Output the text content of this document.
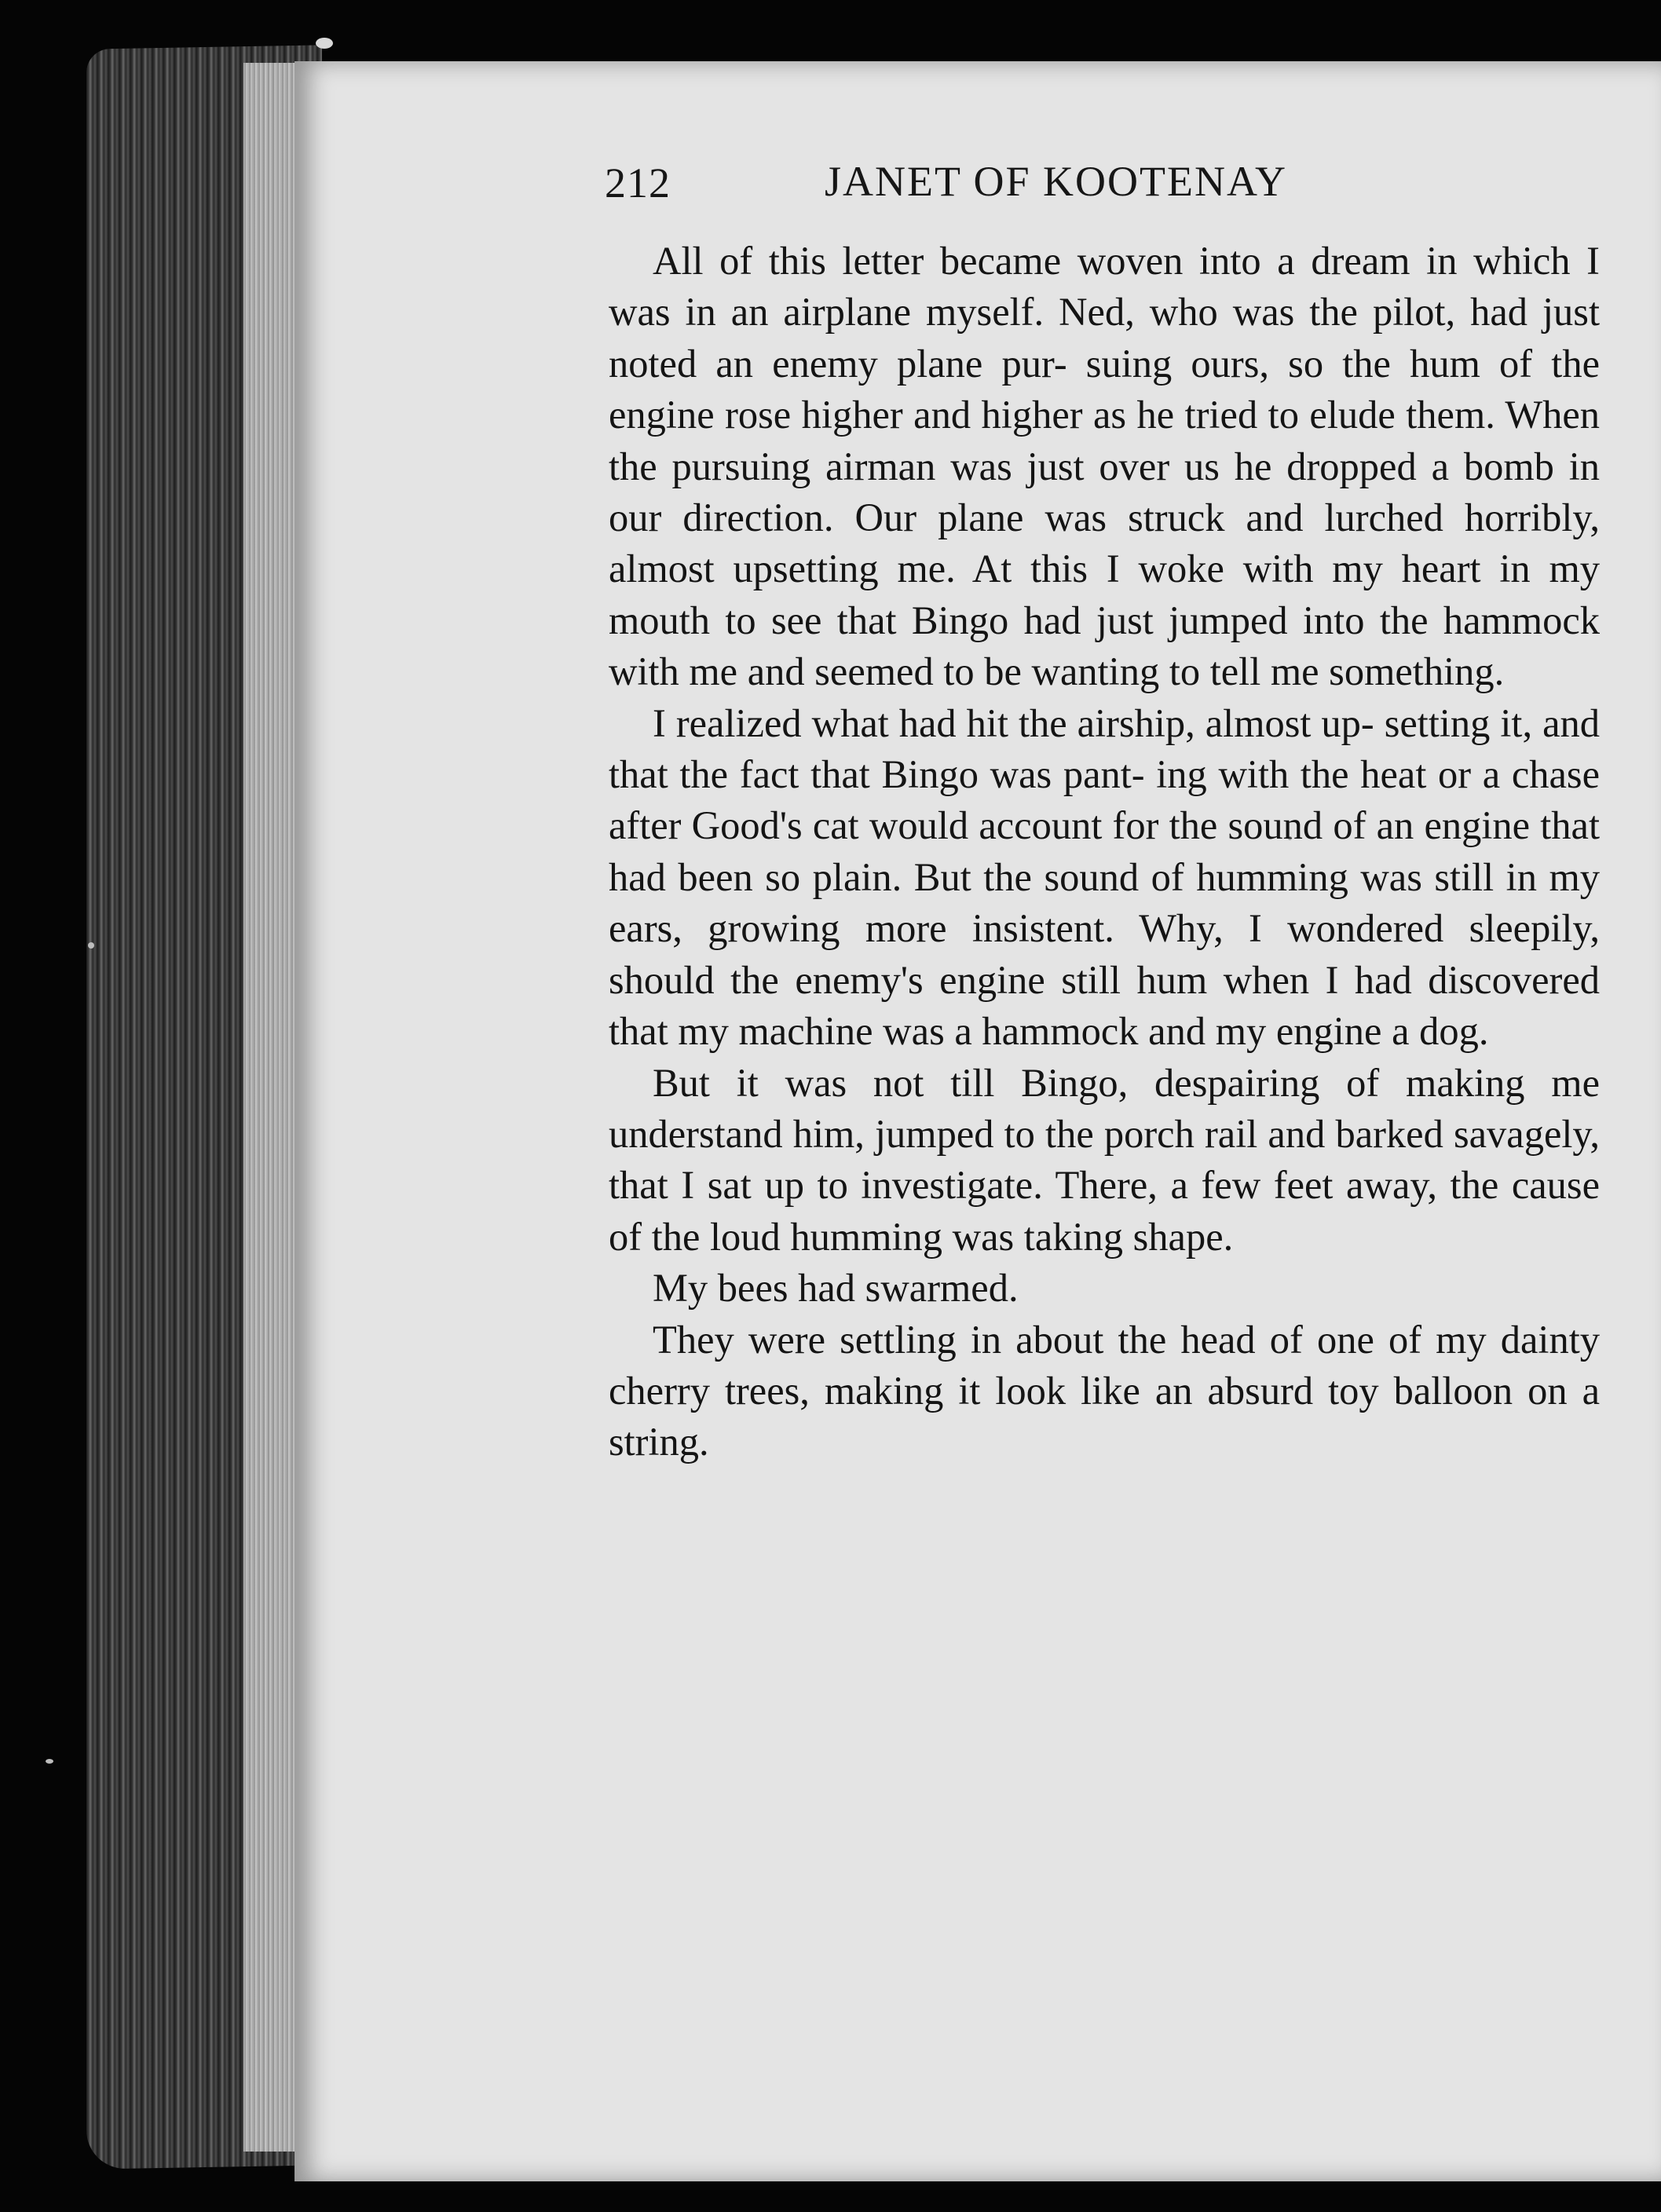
212	JANET OF KOOTENAY

All of this letter became woven into a dream in which I was in an airplane myself. Ned, who was the pilot, had just noted an enemy plane pur- suing ours, so the hum of the engine rose higher and higher as he tried to elude them. When the pursuing airman was just over us he dropped a bomb in our direction. Our plane was struck and lurched horribly, almost upsetting me. At this I woke with my heart in my mouth to see that Bingo had just jumped into the hammock with me and seemed to be wanting to tell me something.

I realized what had hit the airship, almost up- setting it, and that the fact that Bingo was pant- ing with the heat or a chase after Good's cat would account for the sound of an engine that had been so plain. But the sound of humming was still in my ears, growing more insistent. Why, I wondered sleepily, should the enemy's engine still hum when I had discovered that my machine was a hammock and my engine a dog.

But it was not till Bingo, despairing of making me understand him, jumped to the porch rail and barked savagely, that I sat up to investigate. There, a few feet away, the cause of the loud humming was taking shape.

My bees had swarmed.

They were settling in about the head of one of my dainty cherry trees, making it look like an absurd toy balloon on a string.
